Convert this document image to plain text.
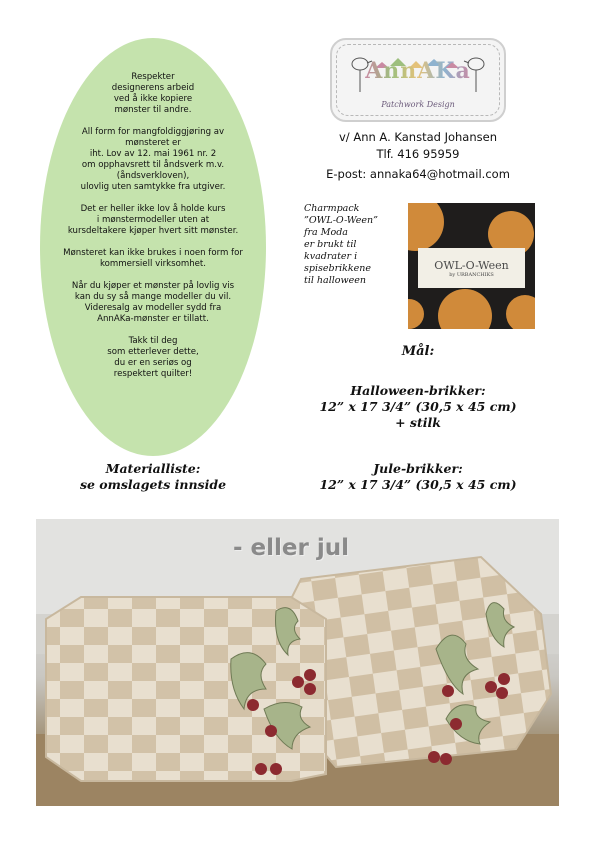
Respekter
designerens arbeid
ved å ikke kopiere
mønster til andre.

All form for mangfoldiggjøring av
mønsteret er
iht. Lov av 12. mai 1961 nr. 2
om opphavsrett til åndsverk m.v.
(åndsverkloven),
ulovlig uten samtykke fra utgiver.

Det er heller ikke lov å holde kurs
i mønstermodeller uten at
kursdeltakere kjøper hvert sitt mønster.

Mønsteret kan ikke brukes i noen form for
kommersiell virksomhet.

Når du kjøper et mønster på lovlig vis
kan du sy så mange modeller du vil.
Videresalg av modeller sydd fra
AnnAKa-mønster er tillatt.

Takk til deg
som etterlever dette,
du er en seriøs og
respektert quilter!

AnnAKa
Patchwork Design
v/ Ann A. Kanstad Johansen
Tlf. 416 95959
E-post: annaka64@hotmail.com
Charmpack
”OWL-O-Ween”
fra Moda
er brukt til
kvadrater i
spisebrikkene
til halloween
OWL-O-Ween
by URBANCHIKS
Mål:
Halloween-brikker:
12” x 17 3/4” (30,5 x 45 cm)
+ stilk
Jule-brikker:
12” x 17 3/4” (30,5 x 45 cm)
Materialliste:
se omslagets innside
- eller jul
